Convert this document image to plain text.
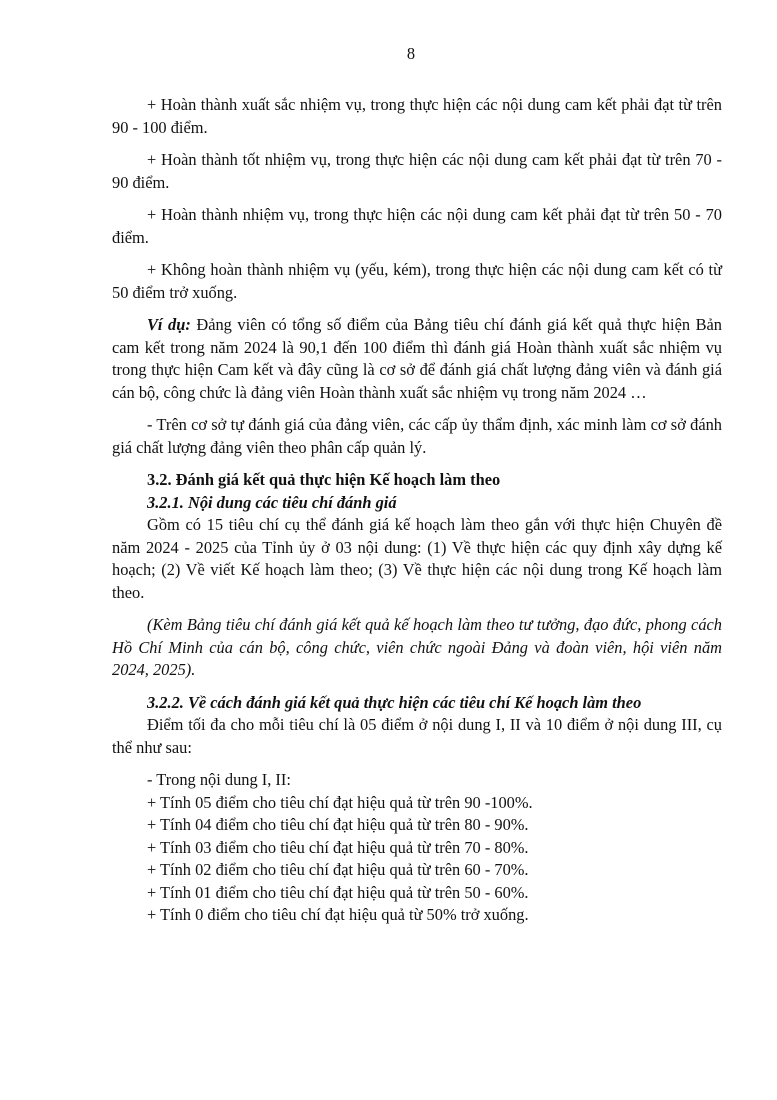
8

+ Hoàn thành xuất sắc nhiệm vụ, trong thực hiện các nội dung cam kết phải đạt từ trên 90 - 100 điểm.

+ Hoàn thành tốt nhiệm vụ, trong thực hiện các nội dung cam kết phải đạt từ trên 70 - 90 điểm.

+ Hoàn thành nhiệm vụ, trong thực hiện các nội dung cam kết phải đạt từ trên 50 - 70 điểm.

+ Không hoàn thành nhiệm vụ (yếu, kém), trong thực hiện các nội dung cam kết có từ 50 điểm trở xuống.

Ví dụ: Đảng viên có tổng số điểm của Bảng tiêu chí đánh giá kết quả thực hiện Bản cam kết trong năm 2024 là 90,1 đến 100 điểm thì đánh giá Hoàn thành xuất sắc nhiệm vụ trong thực hiện Cam kết và đây cũng là cơ sở để đánh giá chất lượng đảng viên và đánh giá cán bộ, công chức là đảng viên Hoàn thành xuất sắc nhiệm vụ trong năm 2024 …

- Trên cơ sở tự đánh giá của đảng viên, các cấp ủy thẩm định, xác minh làm cơ sở đánh giá chất lượng đảng viên theo phân cấp quản lý.

3.2. Đánh giá kết quả thực hiện Kế hoạch làm theo

3.2.1. Nội dung các tiêu chí đánh giá

Gồm có 15 tiêu chí cụ thể đánh giá kế hoạch làm theo gắn với thực hiện Chuyên đề năm 2024 - 2025 của Tỉnh ủy ở 03 nội dung: (1) Về thực hiện các quy định xây dựng kế hoạch; (2) Về viết Kế hoạch làm theo; (3) Về thực hiện các nội dung trong Kế hoạch làm theo.

(Kèm Bảng tiêu chí đánh giá kết quả kế hoạch làm theo tư tưởng, đạo đức, phong cách Hồ Chí Minh của cán bộ, công chức, viên chức ngoài Đảng và đoàn viên, hội viên năm 2024, 2025).

3.2.2. Về cách đánh giá kết quả thực hiện các tiêu chí Kế hoạch làm theo

Điểm tối đa cho mỗi tiêu chí là 05 điểm ở nội dung I, II và 10 điểm ở nội dung III, cụ thể như sau:

- Trong nội dung I, II:

+ Tính 05 điểm cho tiêu chí đạt hiệu quả từ trên 90 -100%.

+ Tính 04 điểm cho tiêu chí đạt hiệu quả từ trên 80 - 90%.

+ Tính 03 điểm cho tiêu chí đạt hiệu quả từ trên 70 - 80%.

+ Tính 02 điểm cho tiêu chí đạt hiệu quả từ trên 60 - 70%.

+ Tính 01 điểm cho tiêu chí đạt hiệu quả từ trên 50 - 60%.

+ Tính 0 điểm cho tiêu chí đạt hiệu quả từ 50% trở xuống.
